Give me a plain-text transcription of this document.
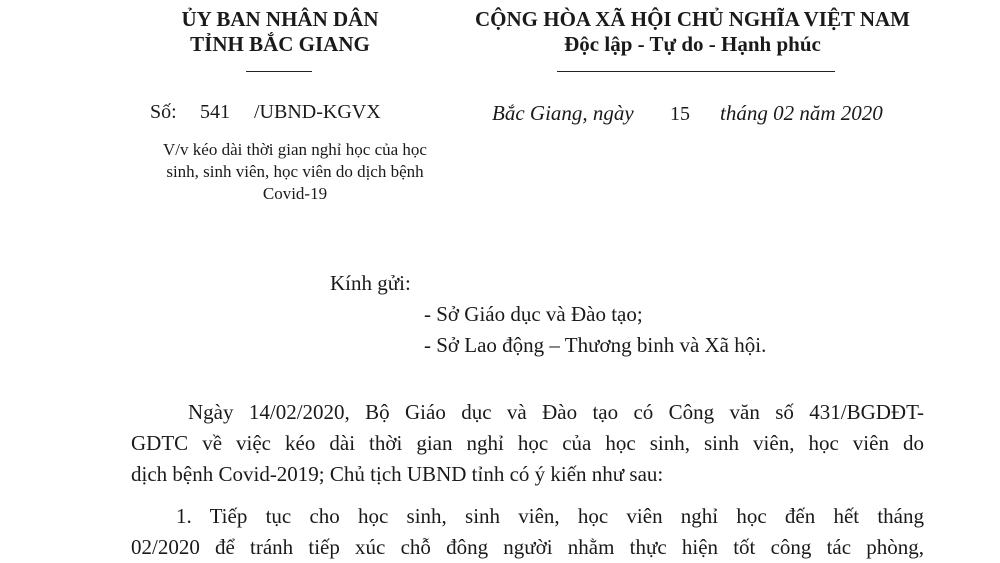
ỦY BAN NHÂN DÂN
TỈNH BẮC GIANG
CỘNG HÒA XÃ HỘI CHỦ NGHĨA VIỆT NAM
Độc lập - Tự do - Hạnh phúc
Số: 541 /UBND-KGVX
V/v kéo dài thời gian nghỉ học của học
sinh, sinh viên, học viên do dịch bệnh
Covid-19
Bắc Giang, ngày 15 tháng 02 năm 2020
Kính gửi:
- Sở Giáo dục và Đào tạo;
- Sở Lao động – Thương binh và Xã hội.
Ngày 14/02/2020, Bộ Giáo dục và Đào tạo có Công văn số 431/BGDĐT-
GDTC về việc kéo dài thời gian nghỉ học của học sinh, sinh viên, học viên do
dịch bệnh Covid-2019; Chủ tịch UBND tỉnh có ý kiến như sau:
1. Tiếp tục cho học sinh, sinh viên, học viên nghỉ học đến hết tháng
02/2020 để tránh tiếp xúc chỗ đông người nhằm thực hiện tốt công tác phòng,
